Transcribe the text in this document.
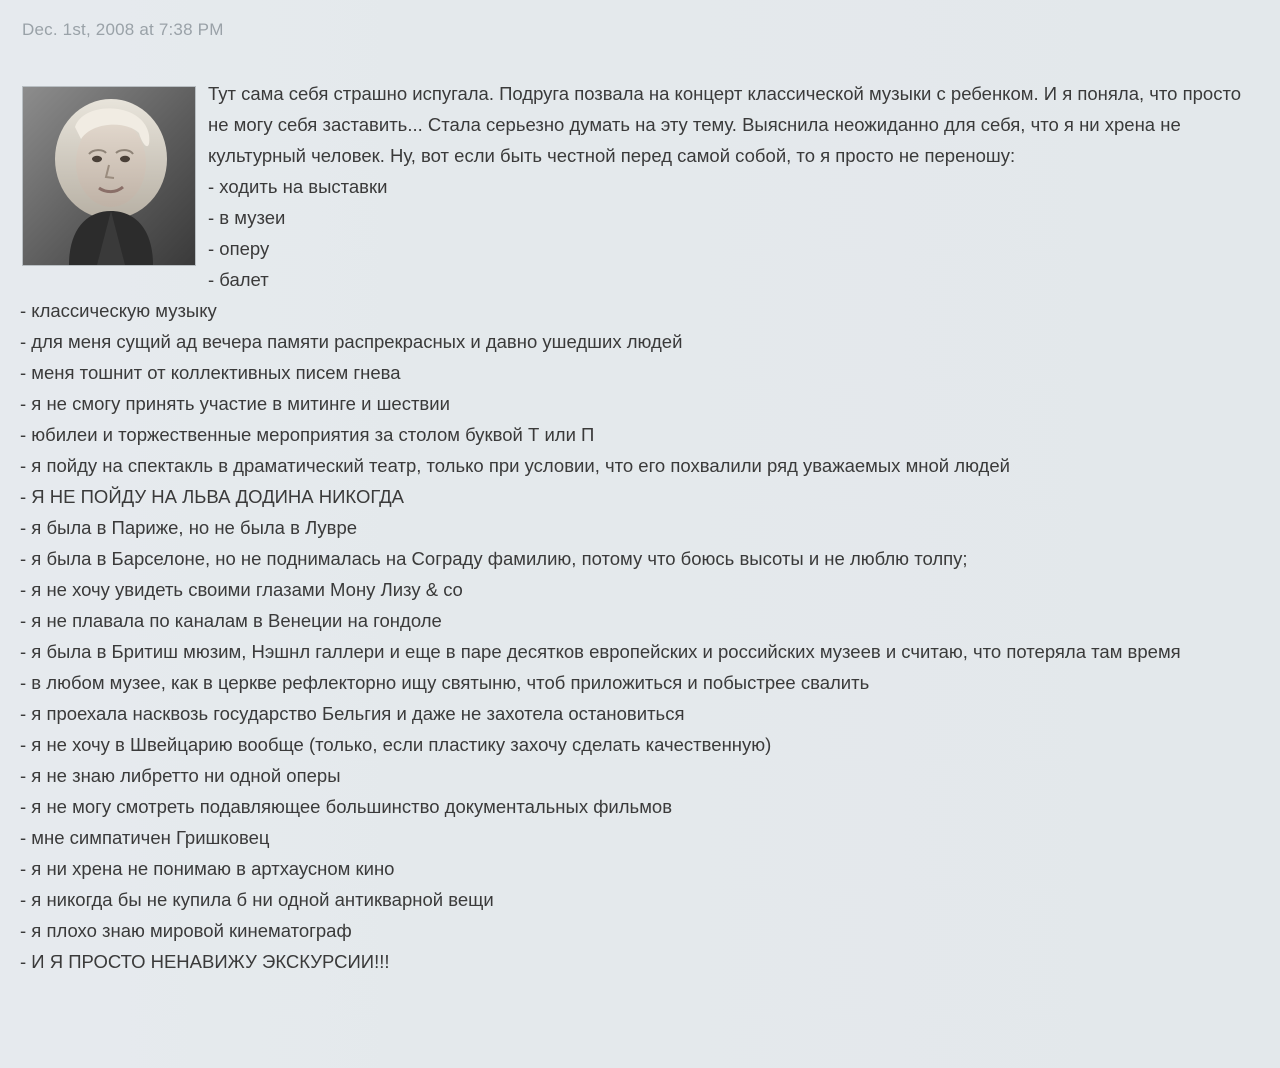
Dec. 1st, 2008 at 7:38 PM

Тут сама себя страшно испугала. Подруга позвала на концерт классической музыки с ребенком. И я поняла, что просто не могу себя заставить... Стала серьезно думать на эту тему. Выяснила неожиданно для себя, что я ни хрена не культурный человек. Ну, вот если быть честной перед самой собой, то я просто не переношу:

- ходить на выставки
- в музеи
- оперу
- балет
- классическую музыку
- для меня сущий ад вечера памяти распрекрасных и давно ушедших людей
- меня тошнит от коллективных писем гнева
- я не смогу принять участие в митинге и шествии
- юбилеи и торжественные мероприятия за столом буквой Т или П
- я пойду на спектакль в драматический театр, только при условии, что его похвалили ряд уважаемых мной людей
- Я НЕ ПОЙДУ НА ЛЬВА ДОДИНА НИКОГДА
- я была в Париже, но не была в Лувре
- я была в Барселоне, но не поднималась на Сограду фамилию, потому что боюсь высоты и не люблю толпу;
- я не хочу увидеть своими глазами Мону Лизу & co
- я не плавала по каналам в Венеции на гондоле
- я была в Бритиш мюзим, Нэшнл галлери и еще в паре десятков европейских и российских музеев и считаю, что потеряла там время
- в любом музее, как в церкве рефлекторно ищу святыню, чтоб приложиться и побыстрее свалить
- я проехала насквозь государство Бельгия и даже не захотела остановиться
- я не хочу в Швейцарию вообще (только, если пластику захочу сделать качественную)
- я не знаю либретто ни одной оперы
- я не могу смотреть подавляющее большинство документальных фильмов
- мне симпатичен Гришковец
- я ни хрена не понимаю в артхаусном кино
- я никогда бы не купила б ни одной антикварной вещи
- я плохо знаю мировой кинематограф
- И Я ПРОСТО НЕНАВИЖУ ЭКСКУРСИИ!!!
